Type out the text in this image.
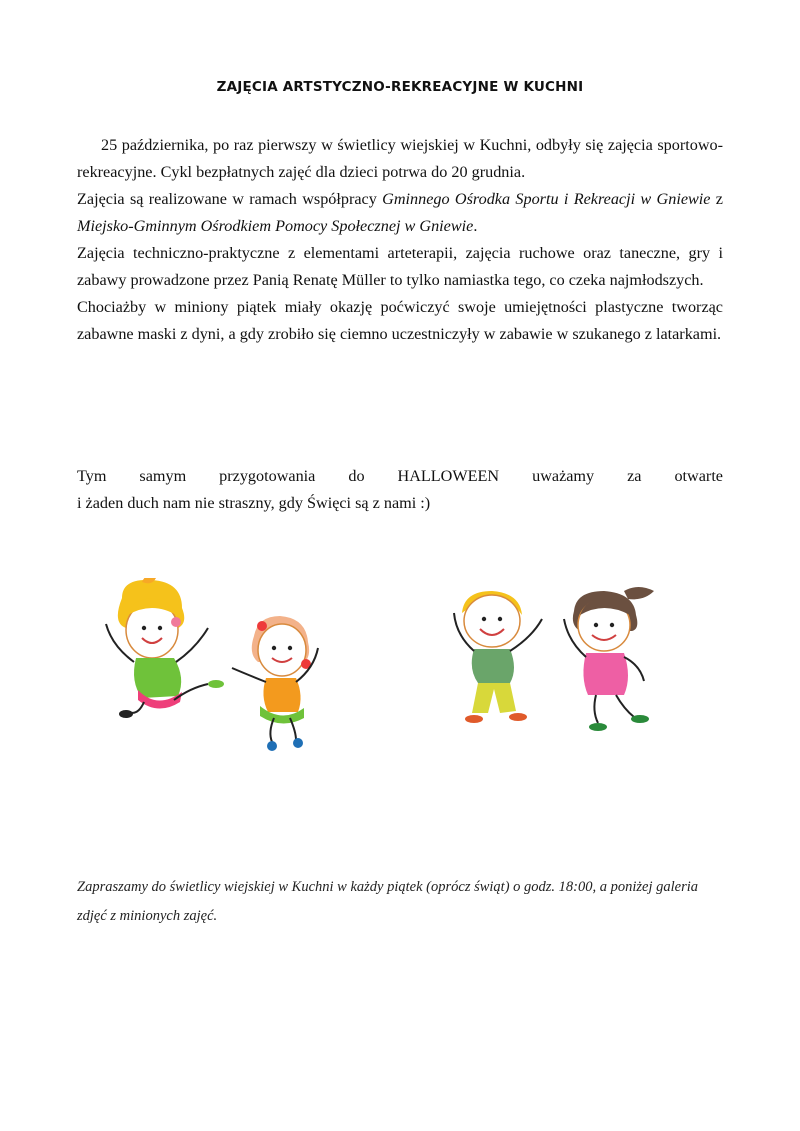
ZAJĘCIA ARTSTYCZNO-REKREACYJNE W KUCHNI

25 października, po raz pierwszy w świetlicy wiejskiej w Kuchni, odbyły się zajęcia sportowo-rekreacyjne. Cykl bezpłatnych zajęć dla dzieci potrwa do 20 grudnia.

Zajęcia są realizowane w ramach współpracy Gminnego Ośrodka Sportu i Rekreacji w Gniewie z Miejsko-Gminnym Ośrodkiem Pomocy Społecznej w Gniewie.

Zajęcia techniczno-praktyczne z elementami arteterapii, zajęcia ruchowe oraz taneczne, gry i zabawy prowadzone przez Panią Renatę Müller to tylko namiastka tego, co czeka najmłodszych.

Chociażby w miniony piątek miały okazję poćwiczyć swoje umiejętności plastyczne tworząc zabawne maski z dyni, a gdy zrobiło się ciemno uczestniczyły w zabawie w szukanego z latarkami.

Tym samym przygotowania do HALLOWEEN uważamy za otwarte
i żaden duch nam nie straszny, gdy Święci są z nami :)
Zapraszamy do świetlicy wiejskiej w Kuchni w każdy piątek (oprócz świąt) o godz. 18:00, a poniżej galeria zdjęć z minionych zajęć.
